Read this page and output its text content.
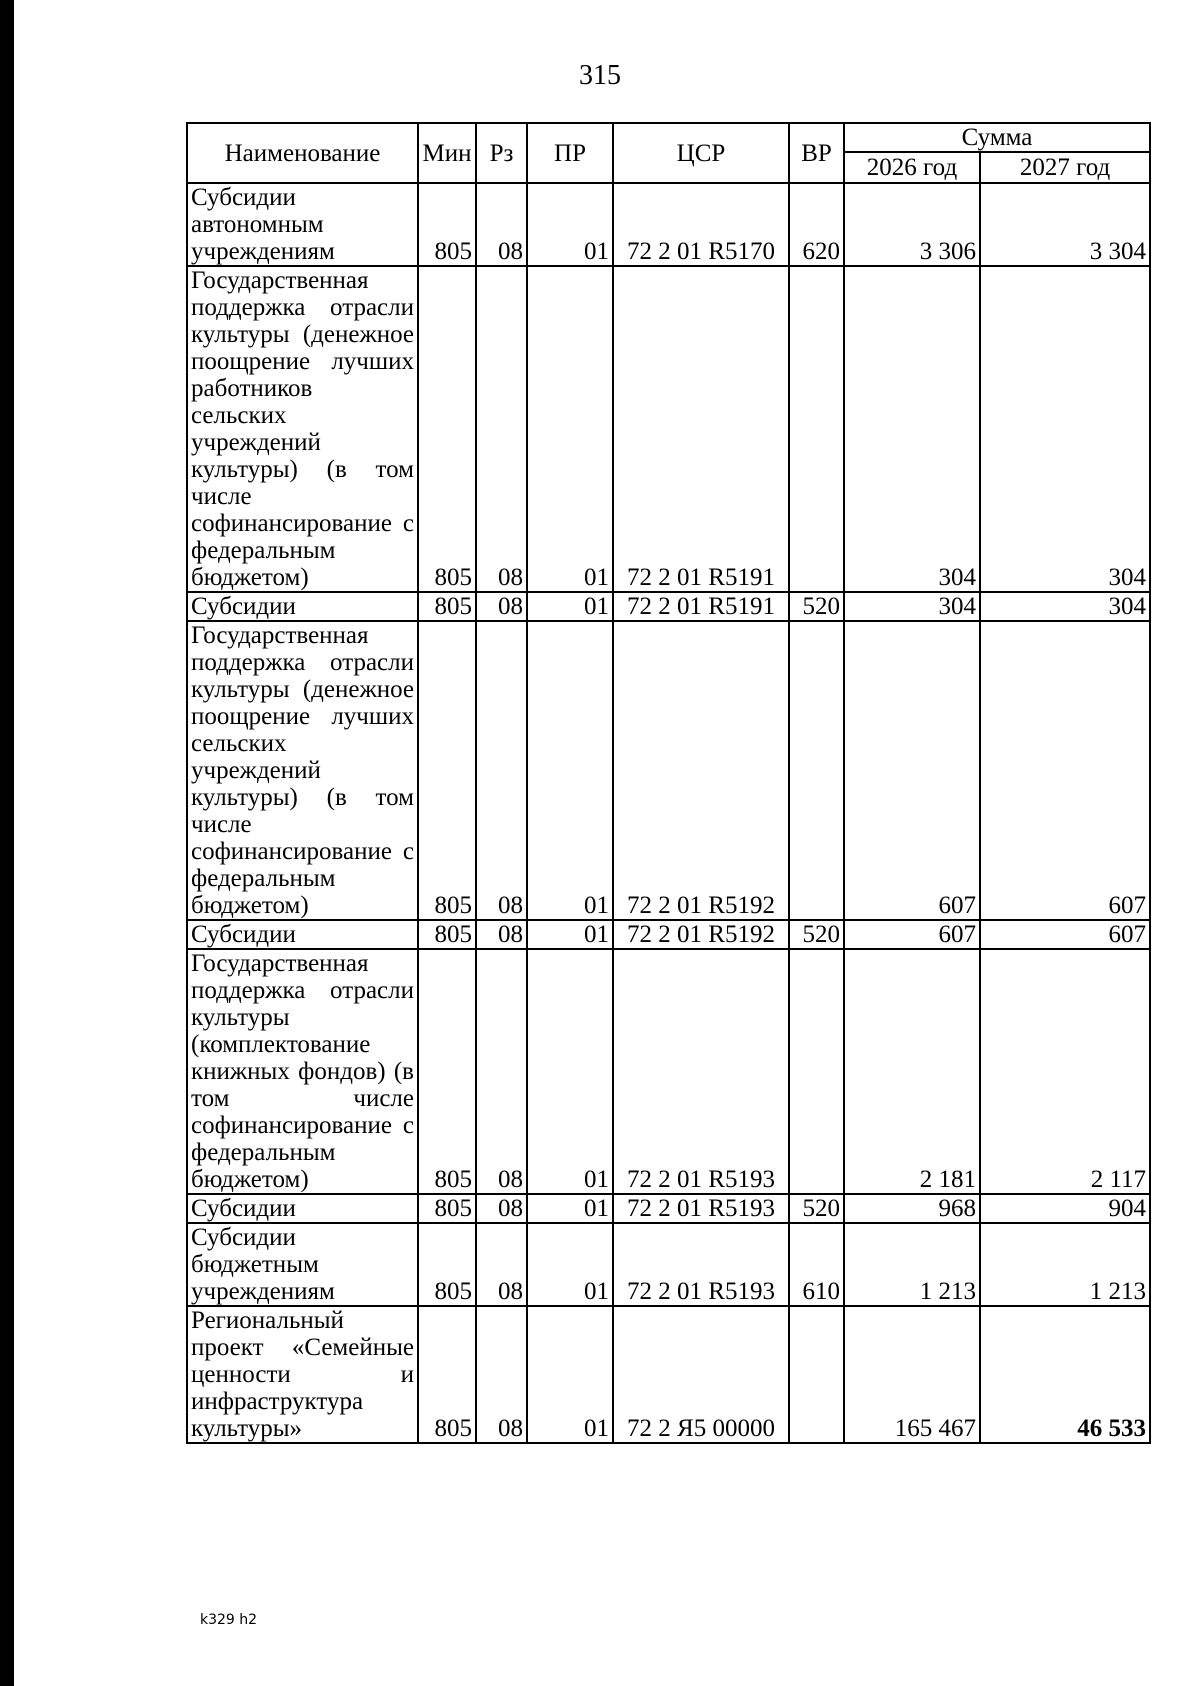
315
Наименование	Мин	Рз	ПР	ЦСР	ВР	Сумма	
						2026 год	2027 год
Субсидии автономным учреждениям	805	08	01	72 2 01 R5170	620	3 306	3 304
Государственная поддержка отрасли культуры (денежное поощрение лучших работников сельских учреждений культуры) (в том числе софинансирование с федеральным бюджетом)	805	08	01	72 2 01 R5191		304	304
Субсидии	805	08	01	72 2 01 R5191	520	304	304
Государственная поддержка отрасли культуры (денежное поощрение лучших сельских учреждений культуры) (в том числе софинансирование с федеральным бюджетом)	805	08	01	72 2 01 R5192		607	607
Субсидии	805	08	01	72 2 01 R5192	520	607	607
Государственная поддержка отрасли культуры (комплектование книжных фондов) (в том числе софинансирование с федеральным бюджетом)	805	08	01	72 2 01 R5193		2 181	2 117
Субсидии	805	08	01	72 2 01 R5193	520	968	904
Субсидии бюджетным учреждениям	805	08	01	72 2 01 R5193	610	1 213	1 213
Региональный проект «Семейные ценности и инфраструктура культуры»	805	08	01	72 2 Я5 00000		165 467	46 533
k329 h2
